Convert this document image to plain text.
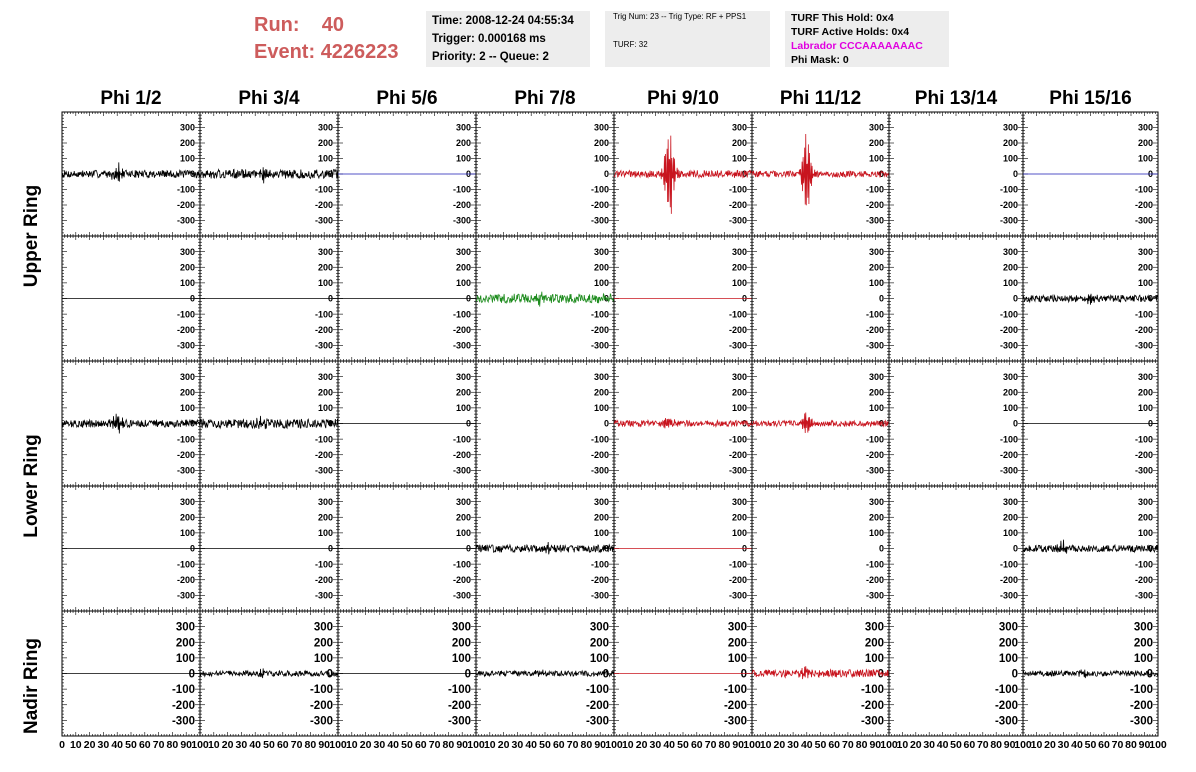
Run: 40
Event: 4226223
Time: 2008-12-24 04:55:34
Trigger: 0.000168 ms
Priority: 2 -- Queue: 2
Trig Num: 23 -- Trig Type: RF + PPS1
TURF: 32
TURF This Hold: 0x4
TURF Active Holds: 0x4
Labrador CCCAAAAAAAC
Phi Mask: 0
Phi 1/2	Phi 3/4	Phi 5/6	Phi 7/8	Phi 9/10	Phi 11/12	Phi 13/14	Phi 15/16
Upper Ring
Lower Ring
Nadir Ring
300
200
100
0
-100
-200
-300
300
200
100
0
-100
-200
-300
300
200
100
0
-100
-200
-300
300
200
100
0
-100
-200
-300
300
200
100
0
-100
-200
-300
300
200
100
0
-100
-200
-300
300
200
100
0
-100
-200
-300
300
200
100
0
-100
-200
-300
300
200
100
0
-100
-200
-300
300
200
100
0
-100
-200
-300
300
200
100
0
-100
-200
-300
300
200
100
0
-100
-200
-300
300
200
100
0
-100
-200
-300
300
200
100
0
-100
-200
-300
300
200
100
0
-100
-200
-300
300
200
100
0
-100
-200
-300
300
200
100
0
-100
-200
-300
300
200
100
0
-100
-200
-300
300
200
100
0
-100
-200
-300
300
200
100
0
-100
-200
-300
300
200
100
0
-100
-200
-300
300
200
100
0
-100
-200
-300
300
200
100
0
-100
-200
-300
300
200
100
0
-100
-200
-300
300
200
100
0
-100
-200
-300
300
200
100
0
-100
-200
-300
300
200
100
0
-100
-200
-300
300
200
100
0
-100
-200
-300
300
200
100
0
-100
-200
-300
300
200
100
0
-100
-200
-300
300
200
100
0
-100
-200
-300
300
200
100
0
-100
-200
-300
300
200
100
0
-100
-200
-300
300
200
100
0
-100
-200
-300
300
200
100
0
-100
-200
-300
300
200
100
0
-100
-200
-300
300
200
100
0
-100
-200
-300
300
200
100
0
-100
-200
-300
300
200
100
0
-100
-200
-300
300
200
100
0
-100
-200
-300
0 10 20 30 40 50 60 70 80 90 100 10 20 30 40 50 60 70 80 90 100 10 20 30 40 50 60 70 80 90 100 10 20 30 40 50 60 70 80 90 100 10 20 30 40 50 60 70 80 90 100 10 20 30 40 50 60 70 80 90 100
10 20 30 40 50 60 70 80 90
100
10 20 30 40 50 60 70 80 90
100
